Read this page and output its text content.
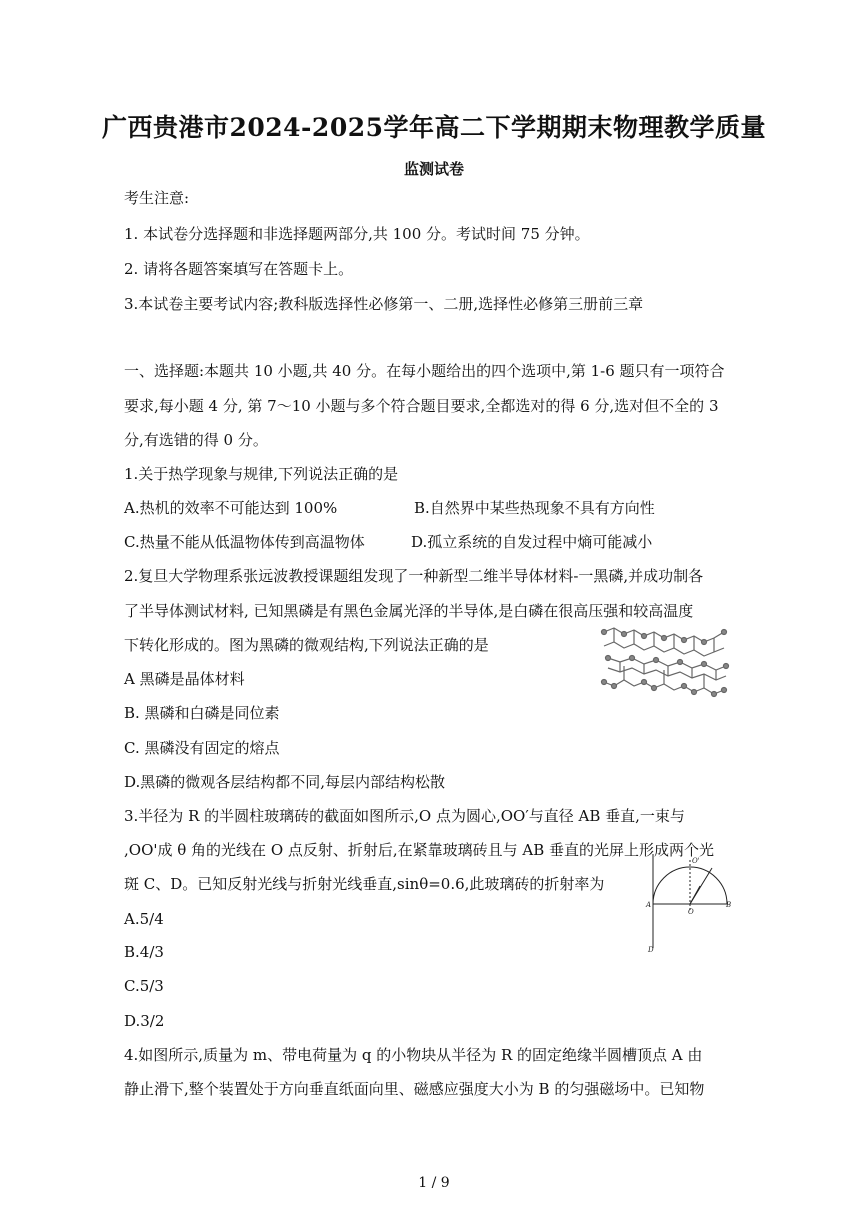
广西贵港市2024-2025学年高二下学期期末物理教学质量
监测试卷
考生注意:
1. 本试卷分选择题和非选择题两部分,共 100 分。考试时间 75 分钟。
2. 请将各题答案填写在答题卡上。
3.本试卷主要考试内容;教科版选择性必修第一、二册,选择性必修第三册前三章
一、选择题:本题共 10 小题,共 40 分。在每小题给出的四个选项中,第 1-6 题只有一项符合
要求,每小题 4 分, 第 7～10 小题与多个符合题目要求,全都选对的得 6 分,选对但不全的 3
分,有选错的得 0 分。
1.关于热学现象与规律,下列说法正确的是
A.热机的效率不可能达到 100%	B.自然界中某些热现象不具有方向性
C.热量不能从低温物体传到高温物体	D.孤立系统的自发过程中熵可能减小
2.复旦大学物理系张远波教授课题组发现了一种新型二维半导体材料-一黑磷,并成功制各
了半导体测试材料, 已知黑磷是有黑色金属光泽的半导体,是白磷在很高压强和较高温度
下转化形成的。图为黑磷的微观结构,下列说法正确的是
A 黑磷是晶体材料
B. 黑磷和白磷是同位素
C. 黑磷没有固定的熔点
D.黑磷的微观各层结构都不同,每层内部结构松散
3.半径为 R 的半圆柱玻璃砖的截面如图所示,O 点为圆心,OO′与直径 AB 垂直,一束与
,OO'成 θ 角的光线在 O 点反射、折射后,在紧靠玻璃砖且与 AB 垂直的光屏上形成两个光
斑 C、D。已知反射光线与折射光线垂直,sinθ=0.6,此玻璃砖的折射率为
A.5/4
B.4/3
C.5/3
D.3/2
O'
A
O
B
D
4.如图所示,质量为 m、带电荷量为 q 的小物块从半径为 R 的固定绝缘半圆槽顶点 A 由
静止滑下,整个装置处于方向垂直纸面向里、磁感应强度大小为 B 的匀强磁场中。已知物
1 / 9
